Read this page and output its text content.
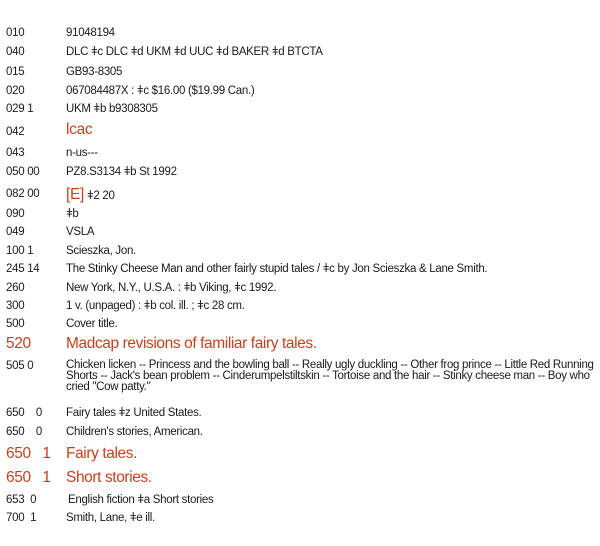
010	91048194
040	DLC ǂc DLC ǂd UKM ǂd UUC ǂd BAKER ǂd BTCTA
015	GB93-8305
020	067084487X : ǂc $16.00 ($19.99 Can.)
029 1	UKM ǂb b9308305
042	lcac
043	n-us---
050 00 PZ8.S3134 ǂb St 1992
082 00 [E] ǂ2 20
090	ǂb
049	VSLA
100 1	Scieszka, Jon.
245 14 The Stinky Cheese Man and other fairly stupid tales / ǂc by Jon Scieszka & Lane Smith.
260	New York, N.Y., U.S.A. : ǂb Viking, ǂc 1992.
300	1 v. (unpaged) : ǂb col. ill. ; ǂc 28 cm.
500	Cover title.
520 Madcap revisions of familiar fairy tales.
505 0	Chicken licken -- Princess and the bowling ball -- Really ugly duckling -- Other frog prince -- Little Red Running Shorts -- Jack's bean problem -- Cinderumpelstiltskin -- Tortoise and the hair -- Stinky cheese man -- Boy who cried "Cow patty."
650 0 Fairy tales ǂz United States.
650 0 Children's stories, American.
650 1 Fairy tales.
650 1 Short stories.
653 0	English fiction ǂa Short stories
700 1	Smith, Lane, ǂe ill.
